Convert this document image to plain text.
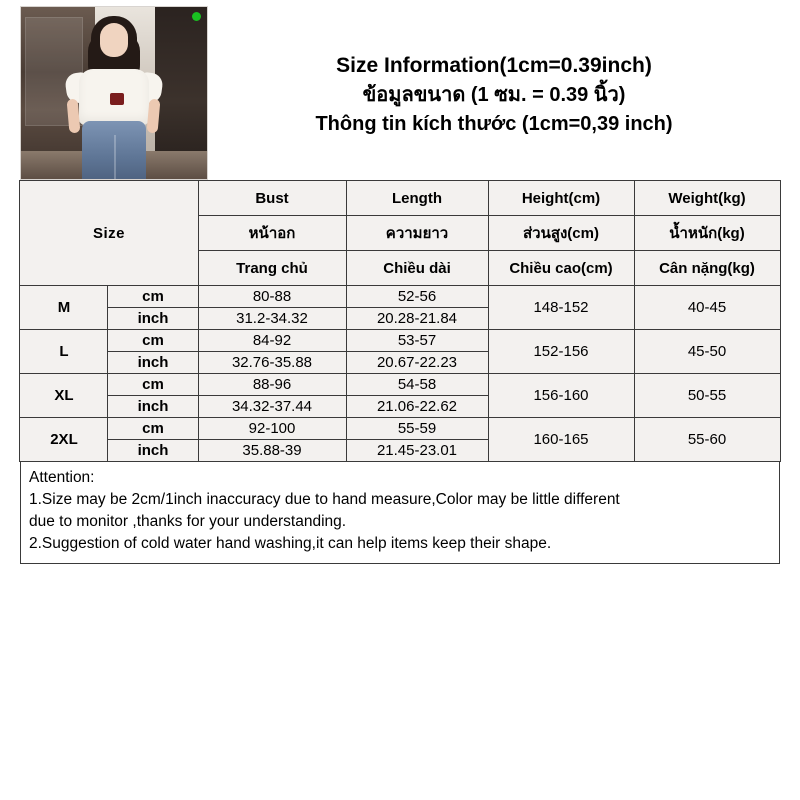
Size Information(1cm=0.39inch)
ข้อมูลขนาด (1 ซม. = 0.39 นิ้ว)
Thông tin kích thước (1cm=0,39 inch)
Size		Bust	Length	Height(cm)	Weight(kg)
		หน้าอก	ความยาว	ส่วนสูง(cm)	น้ำหนัก(kg)
		Trang chủ	Chiều dài	Chiều cao(cm)	Cân nặng(kg)
M	cm	80-88	52-56	148-152	40-45
	inch	31.2-34.32	20.28-21.84		
L	cm	84-92	53-57	152-156	45-50
	inch	32.76-35.88	20.67-22.23		
XL	cm	88-96	54-58	156-160	50-55
	inch	34.32-37.44	21.06-22.62		
2XL	cm	92-100	55-59	160-165	55-60
	inch	35.88-39	21.45-23.01		

Attention:

1.Size may be 2cm/1inch inaccuracy due to hand measure,Color may be little different

due to monitor ,thanks for your understanding.

2.Suggestion of cold water hand washing,it can help items keep their shape.
